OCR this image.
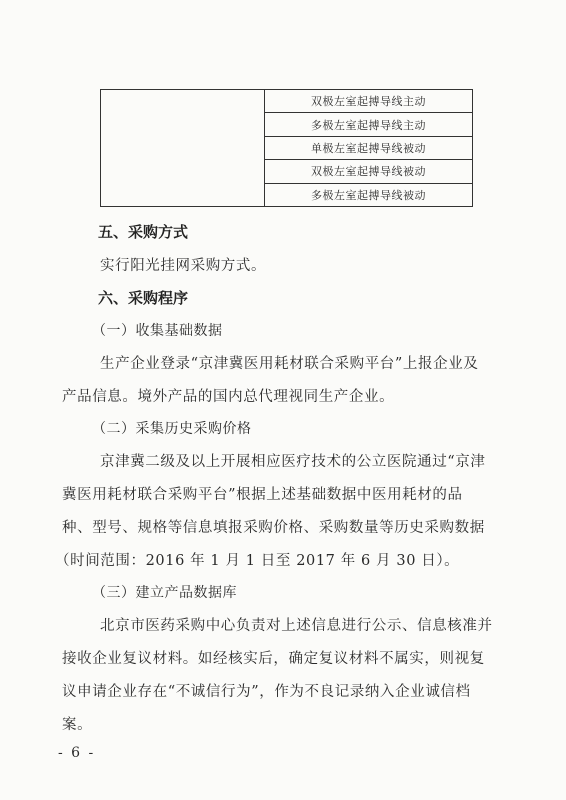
双极左室起搏导线主动
多极左室起搏导线主动
单极左室起搏导线被动
双极左室起搏导线被动
多极左室起搏导线被动
五、采购方式
实行阳光挂网采购方式。
六、采购程序
（一）收集基础数据
生产企业登录“京津冀医用耗材联合采购平台”上报企业及
产品信息。境外产品的国内总代理视同生产企业。
（二）采集历史采购价格
京津冀二级及以上开展相应医疗技术的公立医院通过“京津
冀医用耗材联合采购平台”根据上述基础数据中医用耗材的品
种、型号、规格等信息填报采购价格、采购数量等历史采购数据
（时间范围：2016 年 1 月 1 日至 2017 年 6 月 30 日）。
（三）建立产品数据库
北京市医药采购中心负责对上述信息进行公示、信息核准并
接收企业复议材料。如经核实后，确定复议材料不属实，则视复
议申请企业存在“不诚信行为”，作为不良记录纳入企业诚信档
案。
- 6 -
